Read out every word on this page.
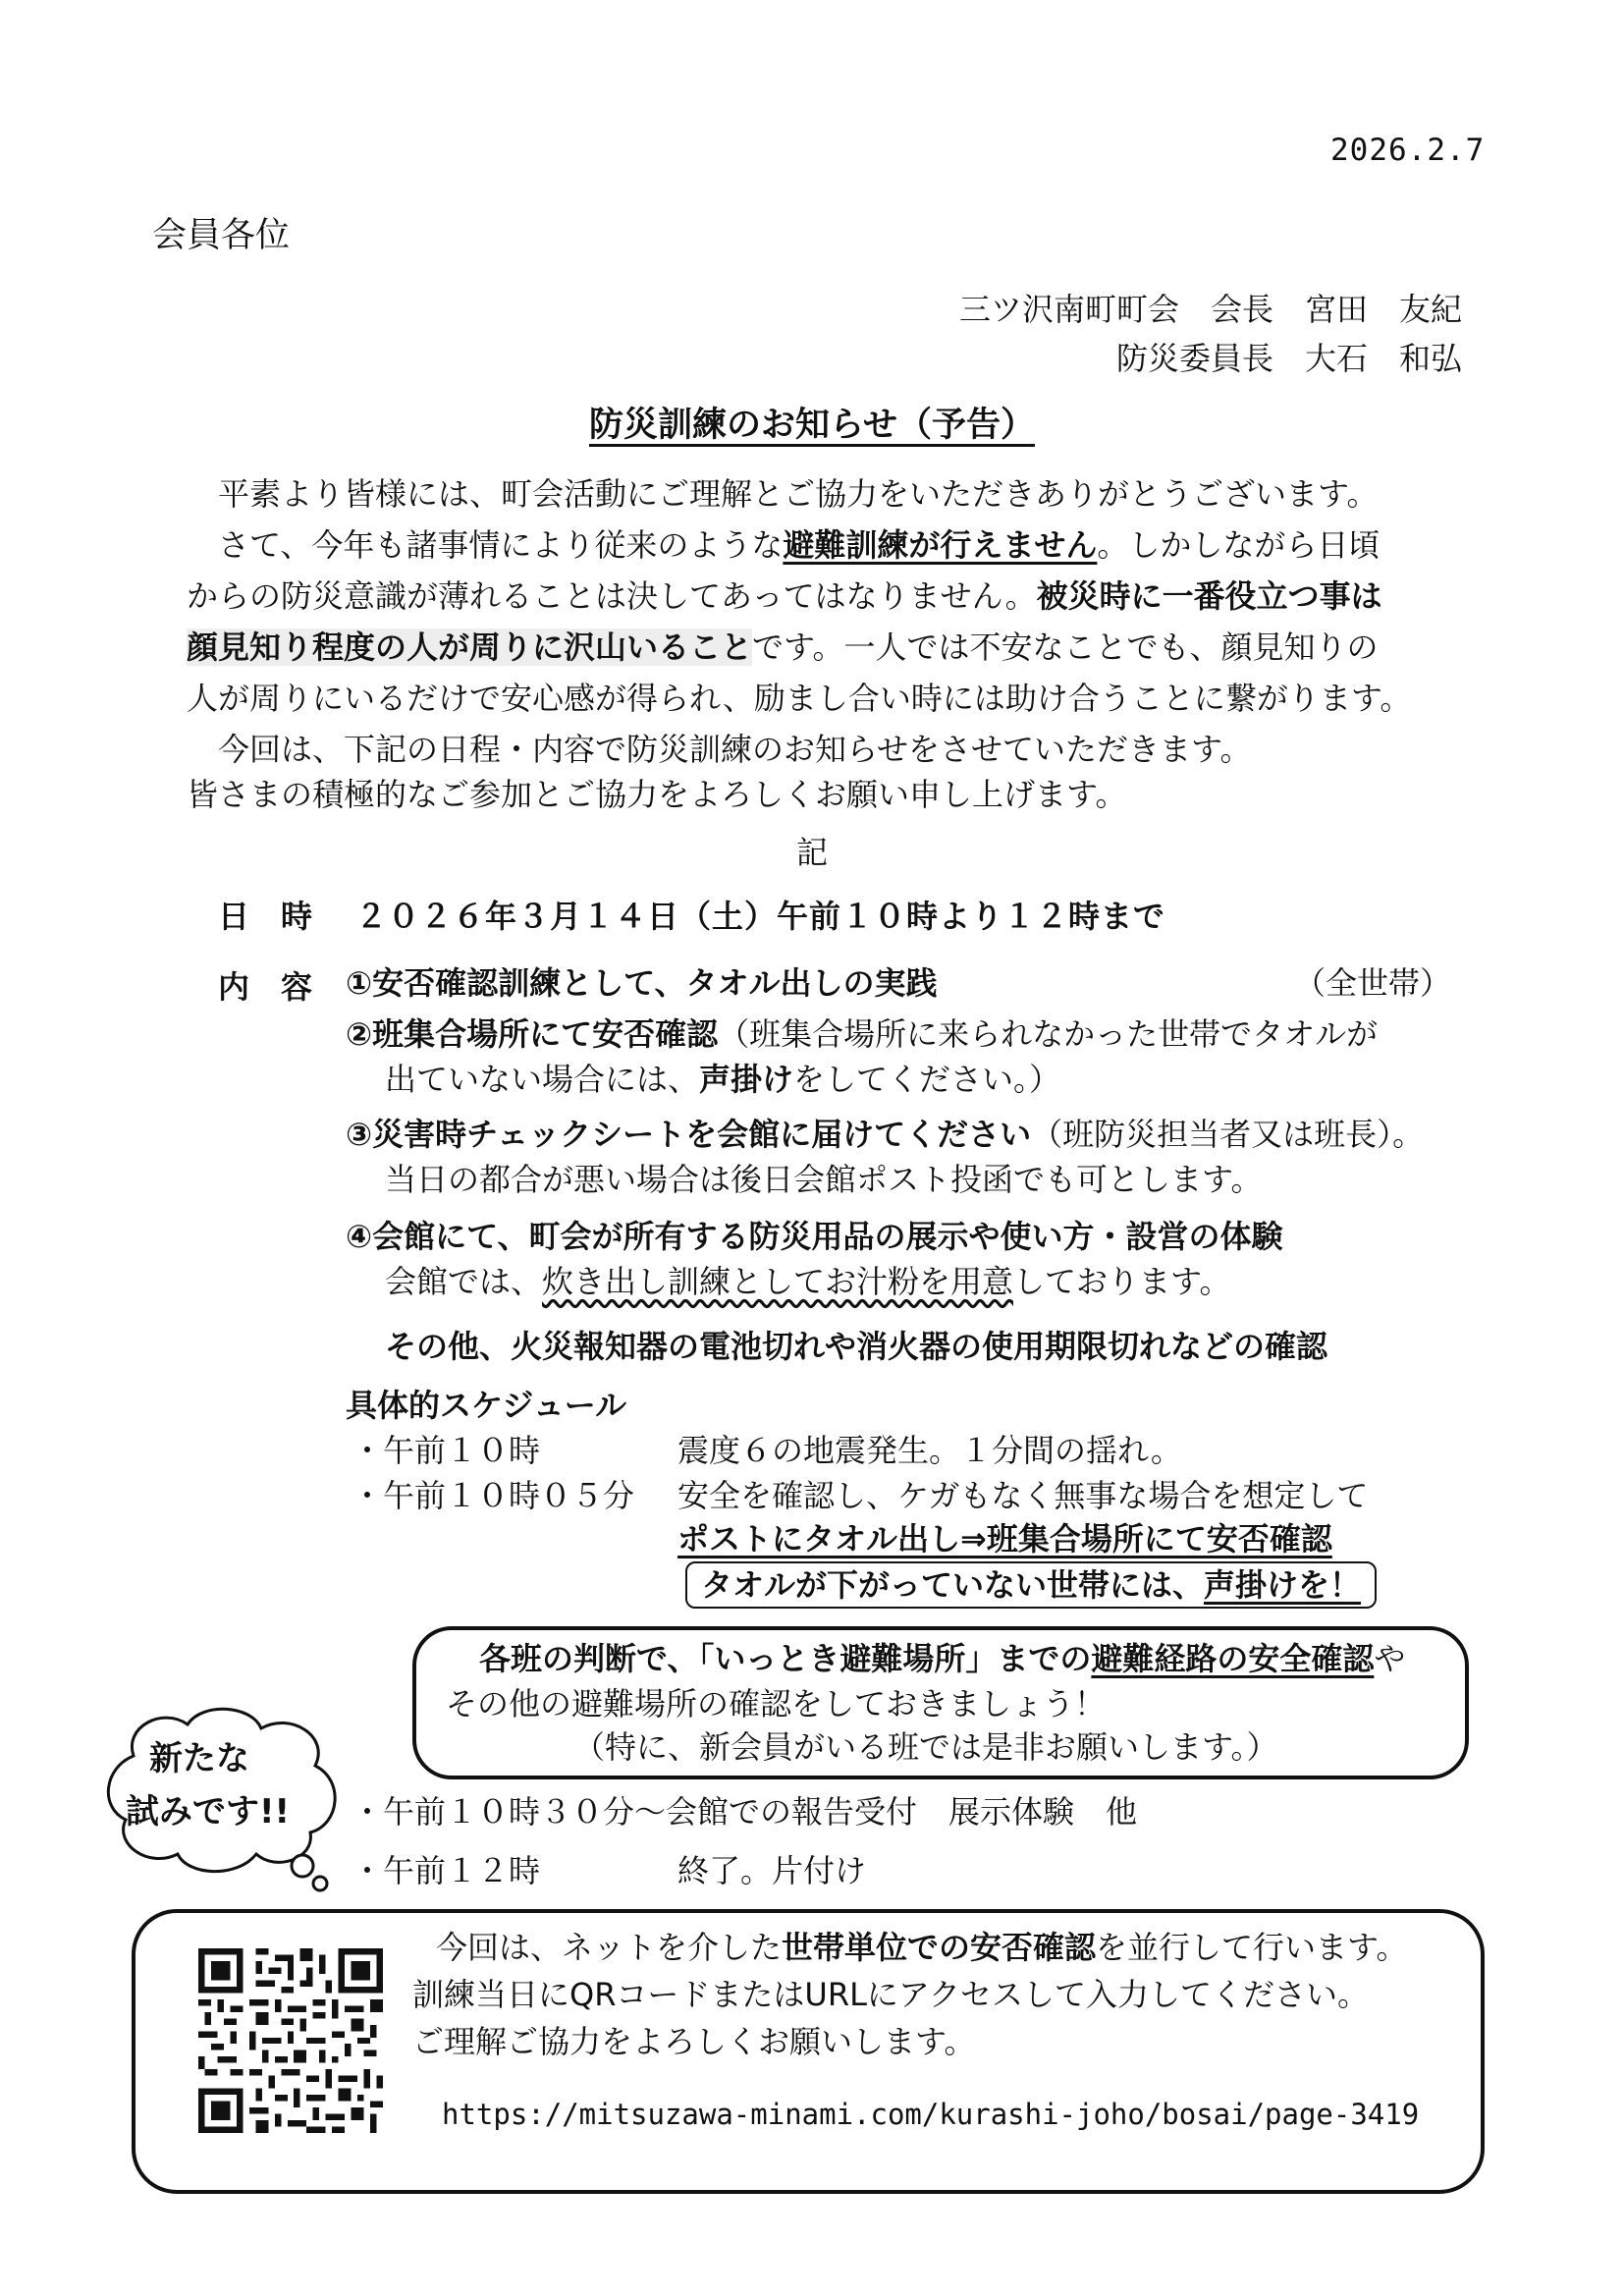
2026.2.7
会員各位
三ツ沢南町町会　会長　宮田　友紀
防災委員長　大石　和弘
防災訓練のお知らせ（予告）
平素より皆様には、町会活動にご理解とご協力をいただきありがとうございます。
さて、今年も諸事情により従来のような避難訓練が行えません。しかしながら日頃
からの防災意識が薄れることは決してあってはなりません。被災時に一番役立つ事は
顔見知り程度の人が周りに沢山いることです。一人では不安なことでも、顔見知りの
人が周りにいるだけで安心感が得られ、励まし合い時には助け合うことに繋がります。
今回は、下記の日程・内容で防災訓練のお知らせをさせていただきます。
皆さまの積極的なご参加とご協力をよろしくお願い申し上げます。
記
日　時 ２０２６年３月１４日（土）午前１０時より１２時まで
内　容 ①安否確認訓練として、タオル出しの実践	（全世帯）
②班集合場所にて安否確認（班集合場所に来られなかった世帯でタオルが
出ていない場合には、声掛けをしてください。）
③災害時チェックシートを会館に届けてください（班防災担当者又は班長）。
当日の都合が悪い場合は後日会館ポスト投函でも可とします。
④会館にて、町会が所有する防災用品の展示や使い方・設営の体験
会館では、炊き出し訓練としてお汁粉を用意しております。
その他、火災報知器の電池切れや消火器の使用期限切れなどの確認
具体的スケジュール
・午前１０時	震度６の地震発生。１分間の揺れ。
・午前１０時０５分 安全を確認し、ケガもなく無事な場合を想定して
ポストにタオル出し⇒班集合場所にて安否確認
タオルが下がっていない世帯には、声掛けを！
各班の判断で、「いっとき避難場所」までの避難経路の安全確認や
その他の避難場所の確認をしておきましょう！
（特に、新会員がいる班では是非お願いします。）
新たな
試みです!! ・午前１０時３０分～会館での報告受付　展示体験　他
・午前１２時	終了。片付け
今回は、ネットを介した世帯単位での安否確認を並行して行います。
訓練当日にQRコードまたはURLにアクセスして入力してください。
ご理解ご協力をよろしくお願いします。
https://mitsuzawa-minami.com/kurashi-joho/bosai/page-3419
